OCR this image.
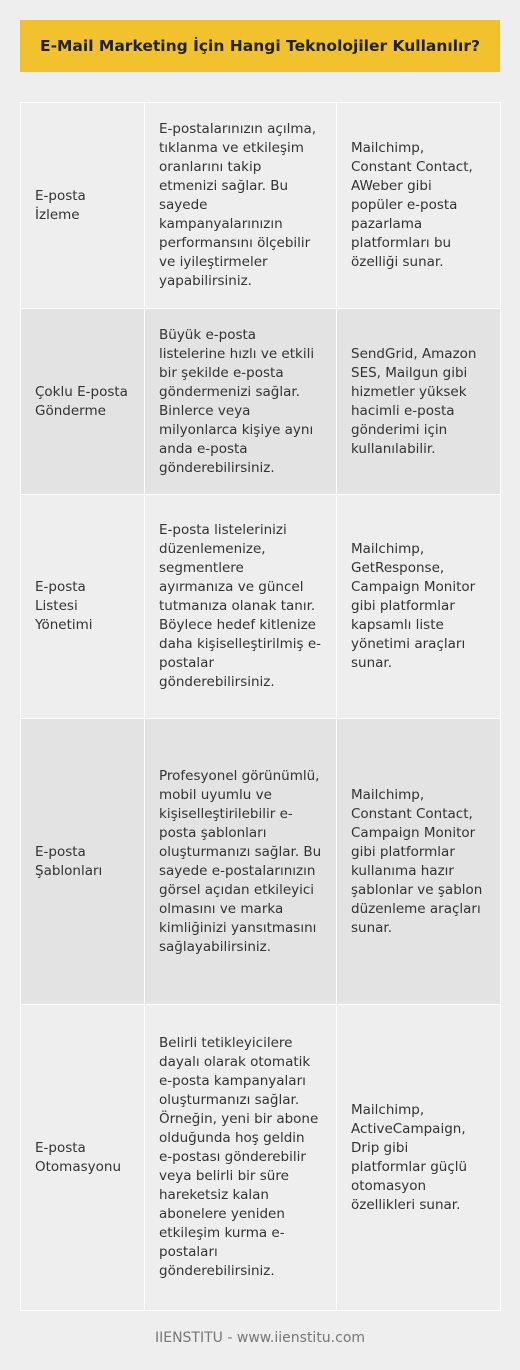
E-Mail Marketing İçin Hangi Teknolojiler Kullanılır?
E-posta İzleme	E-postalarınızın açılma, tıklanma ve etkileşim oranlarını takip etmenizi sağlar. Bu sayede kampanyalarınızın performansını ölçebilir ve iyileştirmeler yapabilirsiniz.	Mailchimp, Constant Contact, AWeber gibi popüler e-posta pazarlama platformları bu özelliği sunar.
Çoklu E-posta Gönderme	Büyük e-posta listelerine hızlı ve etkili bir şekilde e-posta göndermenizi sağlar. Binlerce veya milyonlarca kişiye aynı anda e-posta gönderebilirsiniz.	SendGrid, Amazon SES, Mailgun gibi hizmetler yüksek hacimli e-posta gönderimi için kullanılabilir.
E-posta Listesi Yönetimi	E-posta listelerinizi düzenlemenize, segmentlere ayırmanıza ve güncel tutmanıza olanak tanır. Böylece hedef kitlenize daha kişiselleştirilmiş e-postalar gönderebilirsiniz.	Mailchimp, GetResponse, Campaign Monitor gibi platformlar kapsamlı liste yönetimi araçları sunar.
E-posta Şablonları	Profesyonel görünümlü, mobil uyumlu ve kişiselleştirilebilir e-posta şablonları oluşturmanızı sağlar. Bu sayede e-postalarınızın görsel açıdan etkileyici olmasını ve marka kimliğinizi yansıtmasını sağlayabilirsiniz.	Mailchimp, Constant Contact, Campaign Monitor gibi platformlar kullanıma hazır şablonlar ve şablon düzenleme araçları sunar.
E-posta Otomasyonu	Belirli tetikleyicilere dayalı olarak otomatik e-posta kampanyaları oluşturmanızı sağlar. Örneğin, yeni bir abone olduğunda hoş geldin e-postası gönderebilir veya belirli bir süre hareketsiz kalan abonelere yeniden etkileşim kurma e-postaları gönderebilirsiniz.	Mailchimp, ActiveCampaign, Drip gibi platformlar güçlü otomasyon özellikleri sunar.
IIENSTITU - www.iienstitu.com
